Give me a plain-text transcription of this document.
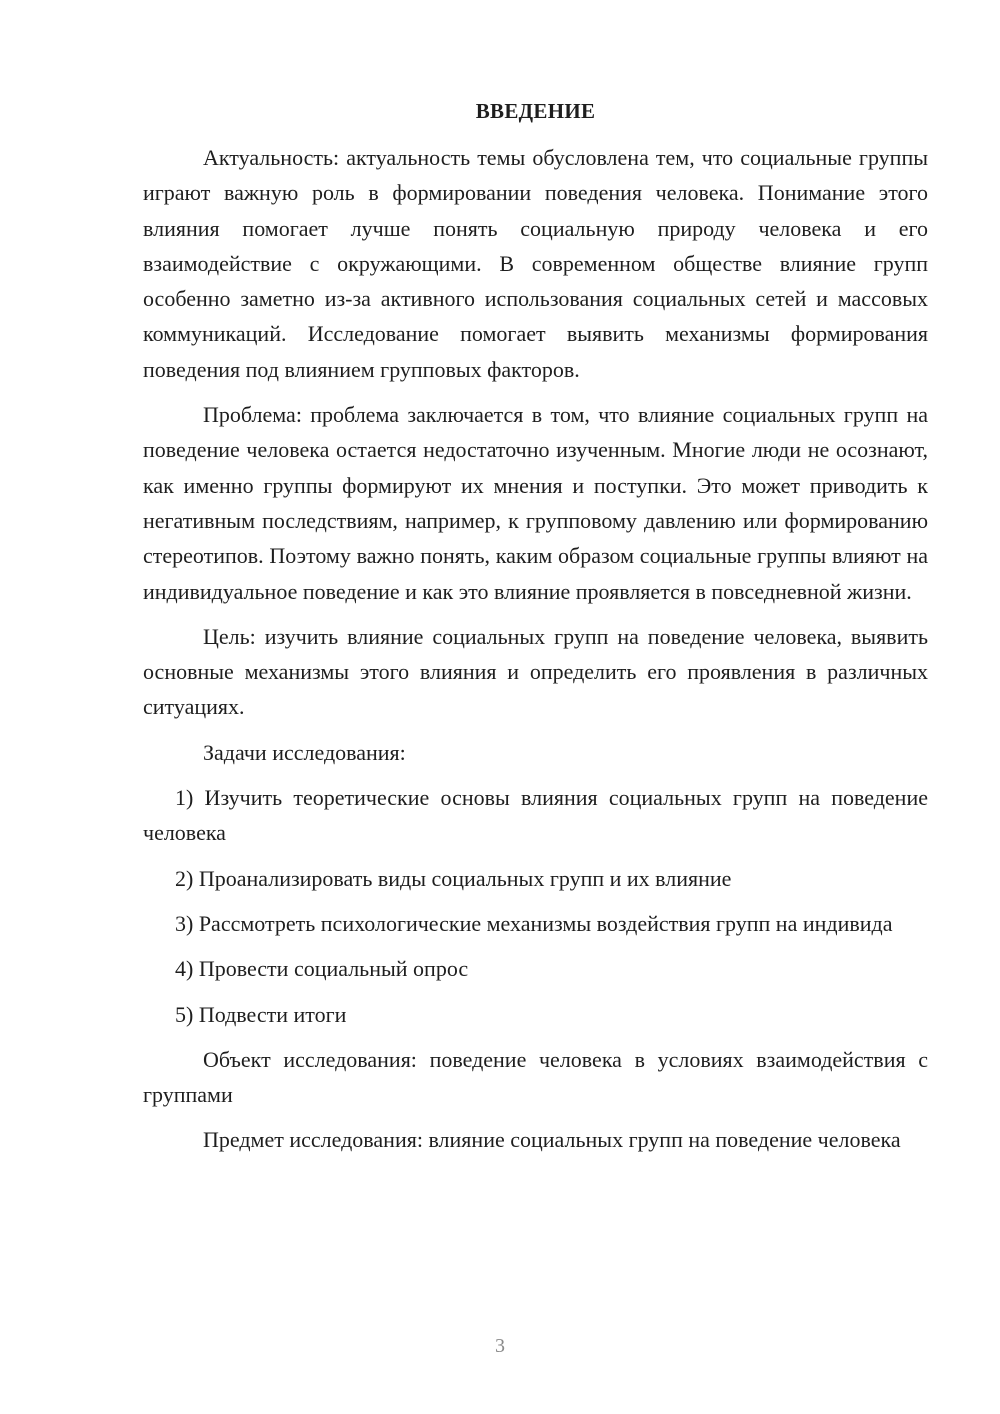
ВВЕДЕНИЕ

Актуальность: актуальность темы обусловлена тем, что социальные группы играют важную роль в формировании поведения человека. Понимание этого влияния помогает лучше понять социальную природу человека и его взаимодействие с окружающими. В современном обществе влияние групп особенно заметно из-за активного использования социальных сетей и массовых коммуникаций. Исследование помогает выявить механизмы формирования поведения под влиянием групповых факторов.

Проблема: проблема заключается в том, что влияние социальных групп на поведение человека остается недостаточно изученным. Многие люди не осознают, как именно группы формируют их мнения и поступки. Это может приводить к негативным последствиям, например, к групповому давлению или формированию стереотипов. Поэтому важно понять, каким образом социальные группы влияют на индивидуальное поведение и как это влияние проявляется в повседневной жизни.

Цель: изучить влияние социальных групп на поведение человека, выявить основные механизмы этого влияния и определить его проявления в различных ситуациях.

Задачи исследования:

1) Изучить теоретические основы влияния социальных групп на поведение человека

2) Проанализировать виды социальных групп и их влияние

3) Рассмотреть психологические механизмы воздействия групп на индивида

4) Провести социальный опрос

5) Подвести итоги

Объект исследования: поведение человека в условиях взаимодействия с группами

Предмет исследования: влияние социальных групп на поведение человека

3
